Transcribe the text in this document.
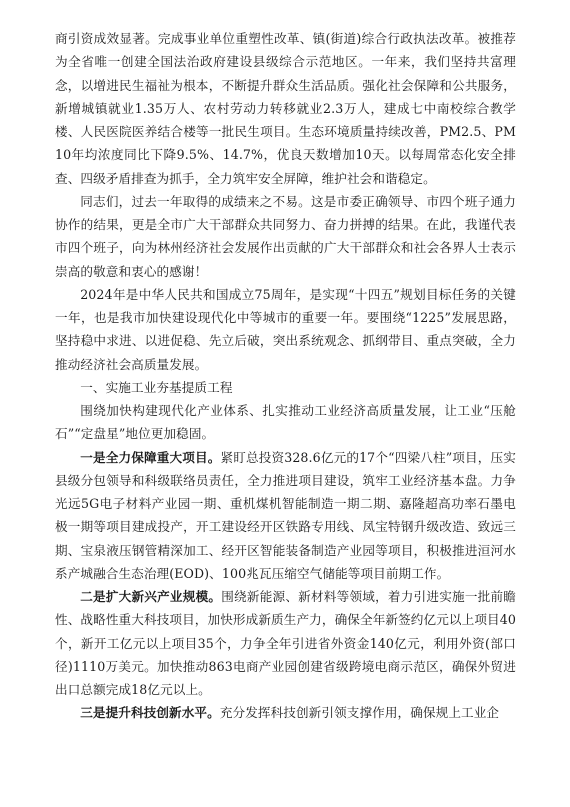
商引资成效显著。完成事业单位重塑性改革、镇(街道)综合行政执法改革。被推荐为全省唯一创建全国法治政府建设县级综合示范地区。一年来，我们坚持共富理念，以增进民生福祉为根本，不断提升群众生活品质。强化社会保障和公共服务，新增城镇就业1.35万人、农村劳动力转移就业2.3万人，建成七中南校综合教学楼、人民医院医养结合楼等一批民生项目。生态环境质量持续改善，PM2.5、PM10年均浓度同比下降9.5%、14.7%，优良天数增加10天。以每周常态化安全排查、四级矛盾排查为抓手，全力筑牢安全屏障，维护社会和谐稳定。

同志们，过去一年取得的成绩来之不易。这是市委正确领导、市四个班子通力协作的结果，更是全市广大干部群众共同努力、奋力拼搏的结果。在此，我谨代表市四个班子，向为林州经济社会发展作出贡献的广大干部群众和社会各界人士表示崇高的敬意和衷心的感谢！

2024年是中华人民共和国成立75周年，是实现“十四五”规划目标任务的关键一年，也是我市加快建设现代化中等城市的重要一年。要围绕“1225”发展思路，坚持稳中求进、以进促稳、先立后破，突出系统观念、抓纲带目、重点突破，全力推动经济社会高质量发展。

一、实施工业夯基提质工程

围绕加快构建现代化产业体系、扎实推动工业经济高质量发展，让工业“压舱石”“定盘星”地位更加稳固。

一是全力保障重大项目。紧盯总投资328.6亿元的17个“四梁八柱”项目，压实县级分包领导和科级联络员责任，全力推进项目建设，筑牢工业经济基本盘。力争光远5G电子材料产业园一期、重机煤机智能制造一期二期、嘉隆超高功率石墨电极一期等项目建成投产，开工建设经开区铁路专用线、凤宝特钢升级改造、致远三期、宝泉液压钢管精深加工、经开区智能装备制造产业园等项目，积极推进洹河水系产城融合生态治理(EOD)、100兆瓦压缩空气储能等项目前期工作。

二是扩大新兴产业规模。围绕新能源、新材料等领域，着力引进实施一批前瞻性、战略性重大科技项目，加快形成新质生产力，确保全年新签约亿元以上项目40个，新开工亿元以上项目35个，力争全年引进省外资金140亿元，利用外资(部口径)1110万美元。加快推动863电商产业园创建省级跨境电商示范区，确保外贸进出口总额完成18亿元以上。

三是提升科技创新水平。充分发挥科技创新引领支撑作用，确保规上工业企
